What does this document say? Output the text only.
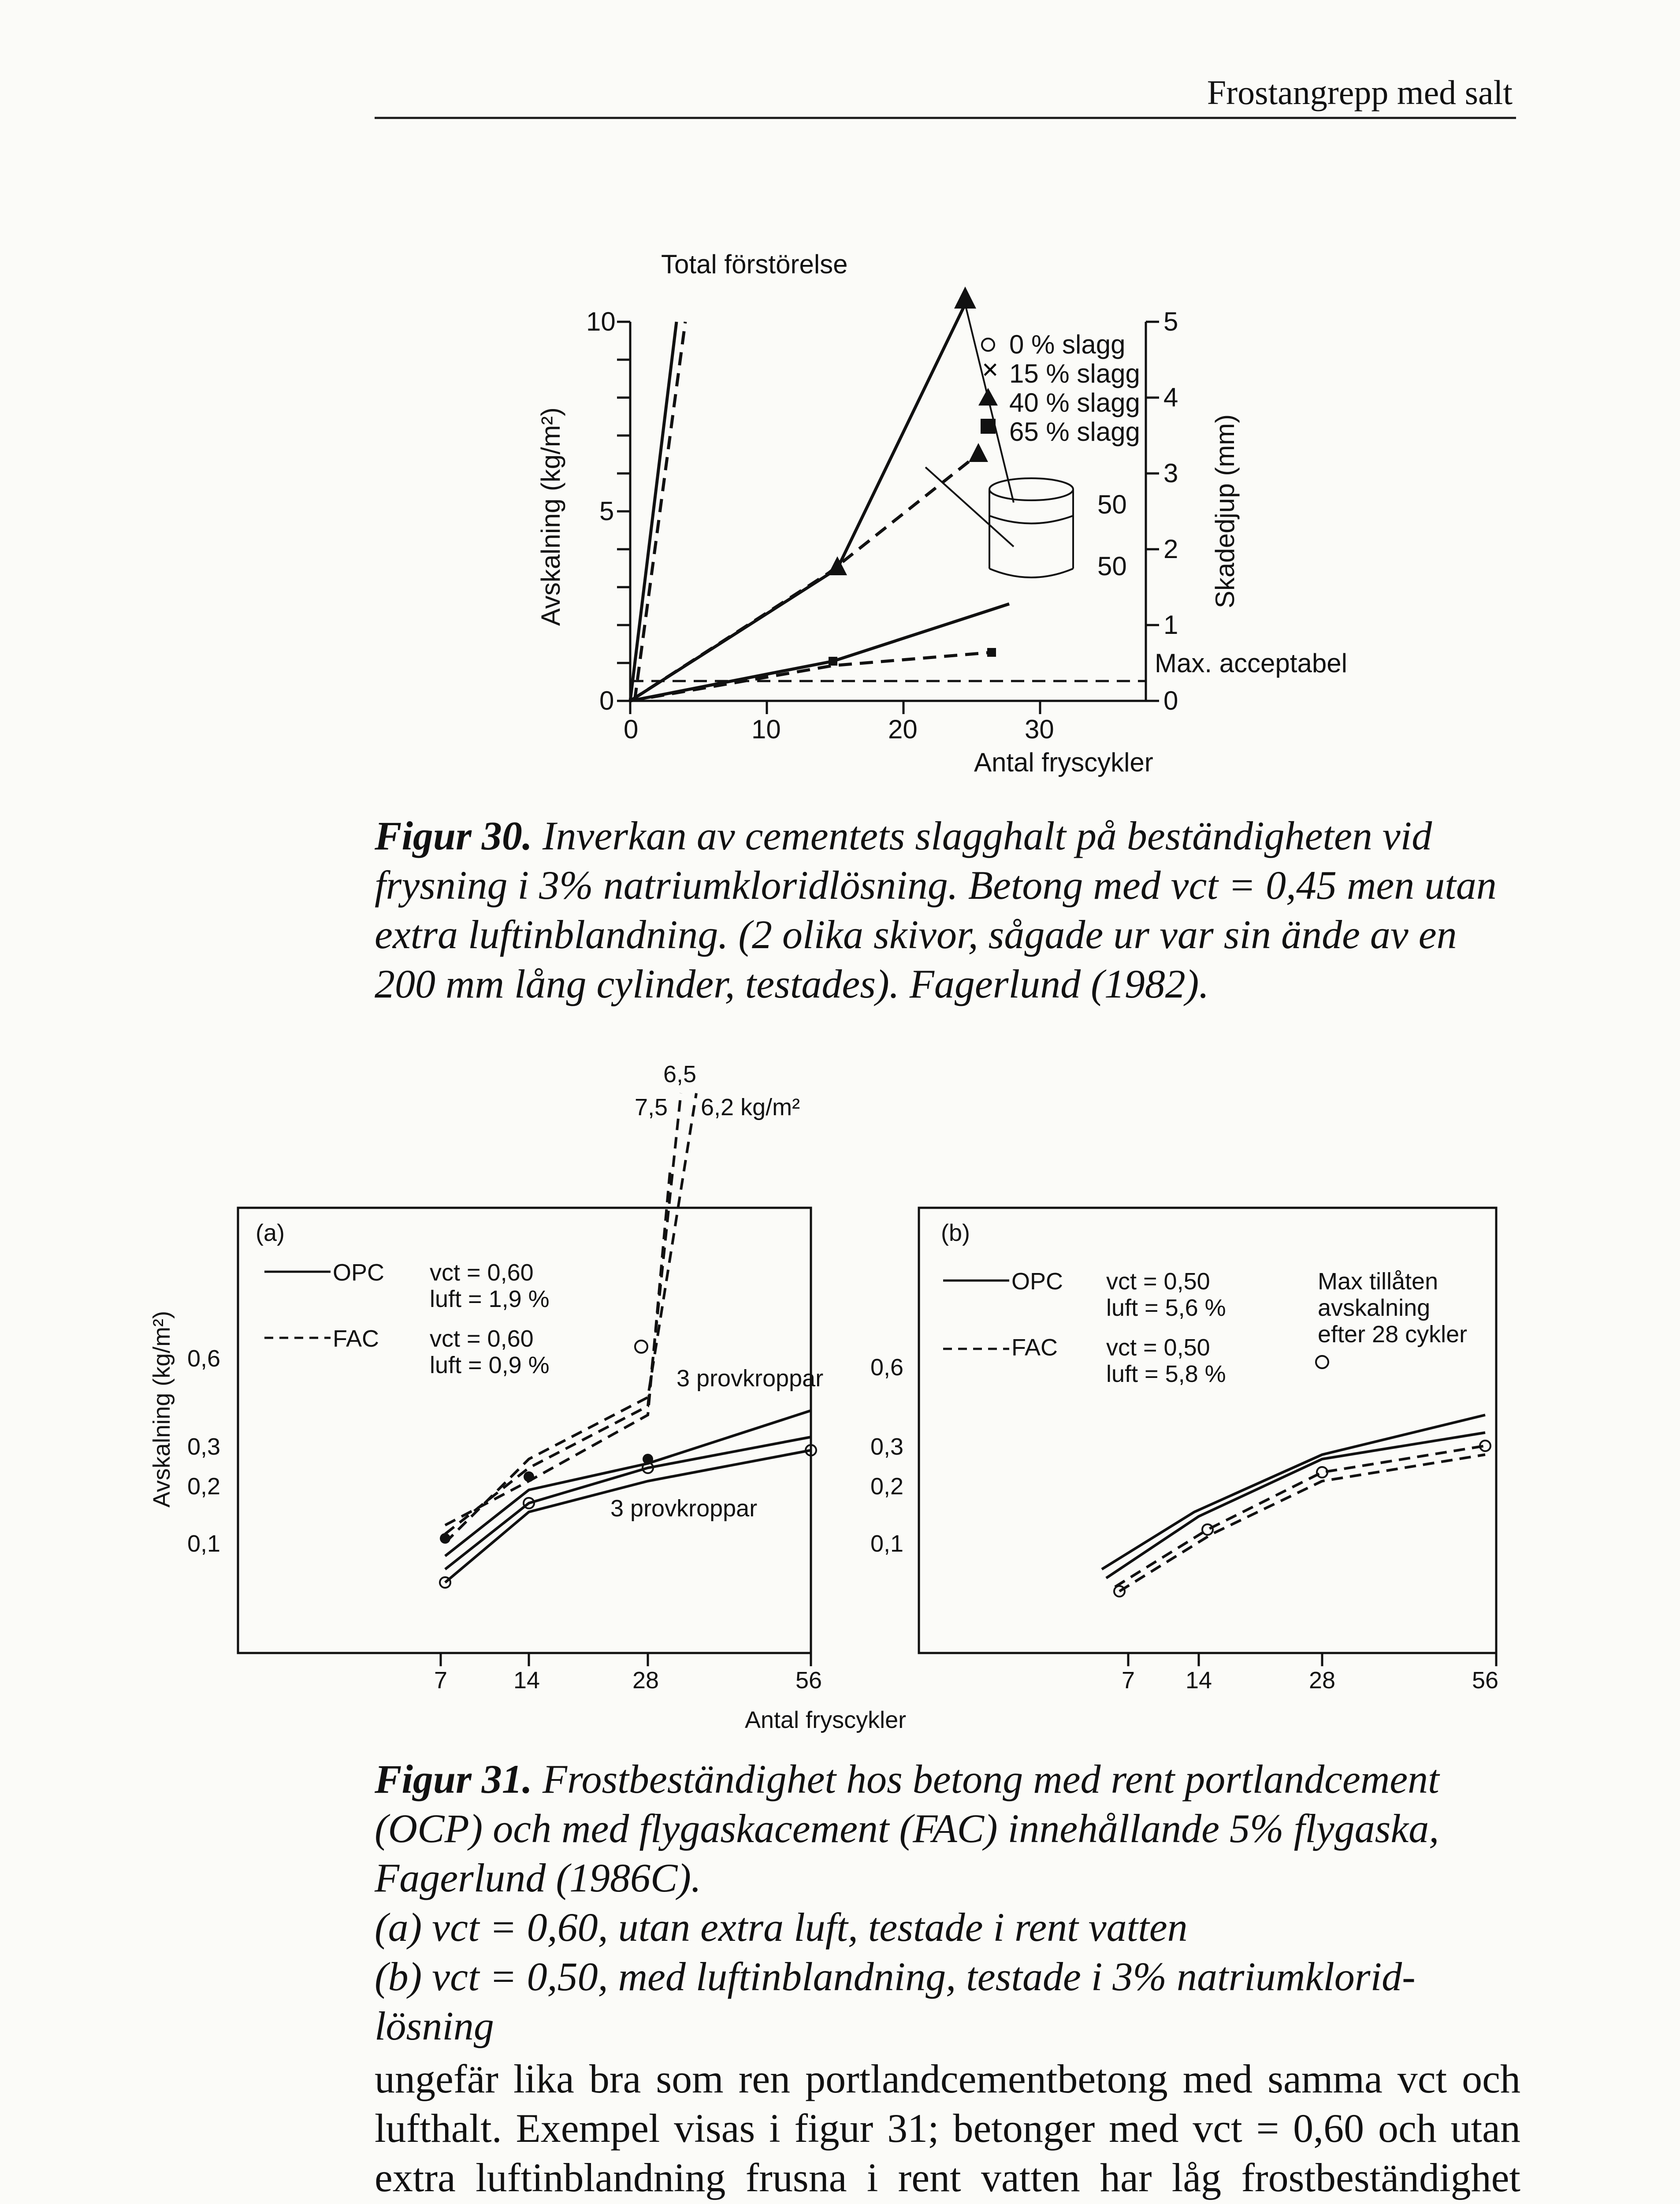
Frostangrepp med salt
×
Total förstörelse
0 % slagg
15 % slagg
40 % slagg
65 % slagg
50
50
Max. acceptabel
Antal fryscykler
0	10	20	30
0
5
10
0
1
2
3
4
5
Avskalning (kg/m²)	Skadedjup (mm)

Figur 30. Inverkan av cementets slagghalt på beständigheten vid frysning i 3% natriumkloridlösning. Betong med vct = 0,45 men utan extra luftinblandning. (2 olika skivor, sågade ur var sin ände av en 200 mm lång cylinder, testades). Fagerlund (1982).

6,5
7,5 6,2 kg/m²
(a)
OPC vct = 0,60
luft = 1,9 %
FAC vct = 0,60
luft = 0,9 %	3 provkroppar
3 provkroppar
0,6
0,3
0,2
0,1
7	14	28	56
(b)
OPC vct = 0,50
luft = 5,6 %
FAC vct = 0,50
luft = 5,8 %
Max tillåten
avskalning
efter 28 cykler
0,6
0,3
0,2
0,1
7 14	28	56
Antal fryscykler
Avskalning (kg/m²)

Figur 31. Frostbeständighet hos betong med rent portlandcement (OCP) och med flygaskacement (FAC) innehållande 5% flygaska, Fagerlund (1986C).

(a) vct = 0,60, utan extra luft, testade i rent vatten

(b) vct = 0,50, med luftinblandning, testade i 3% natriumklorid-lösning

ungefär lika bra som ren portlandcementbetong med samma vct och lufthalt. Exempel visas i figur 31; betonger med vct = 0,60 och utan extra luftinblandning frusna i rent vatten har låg frostbeständighet
